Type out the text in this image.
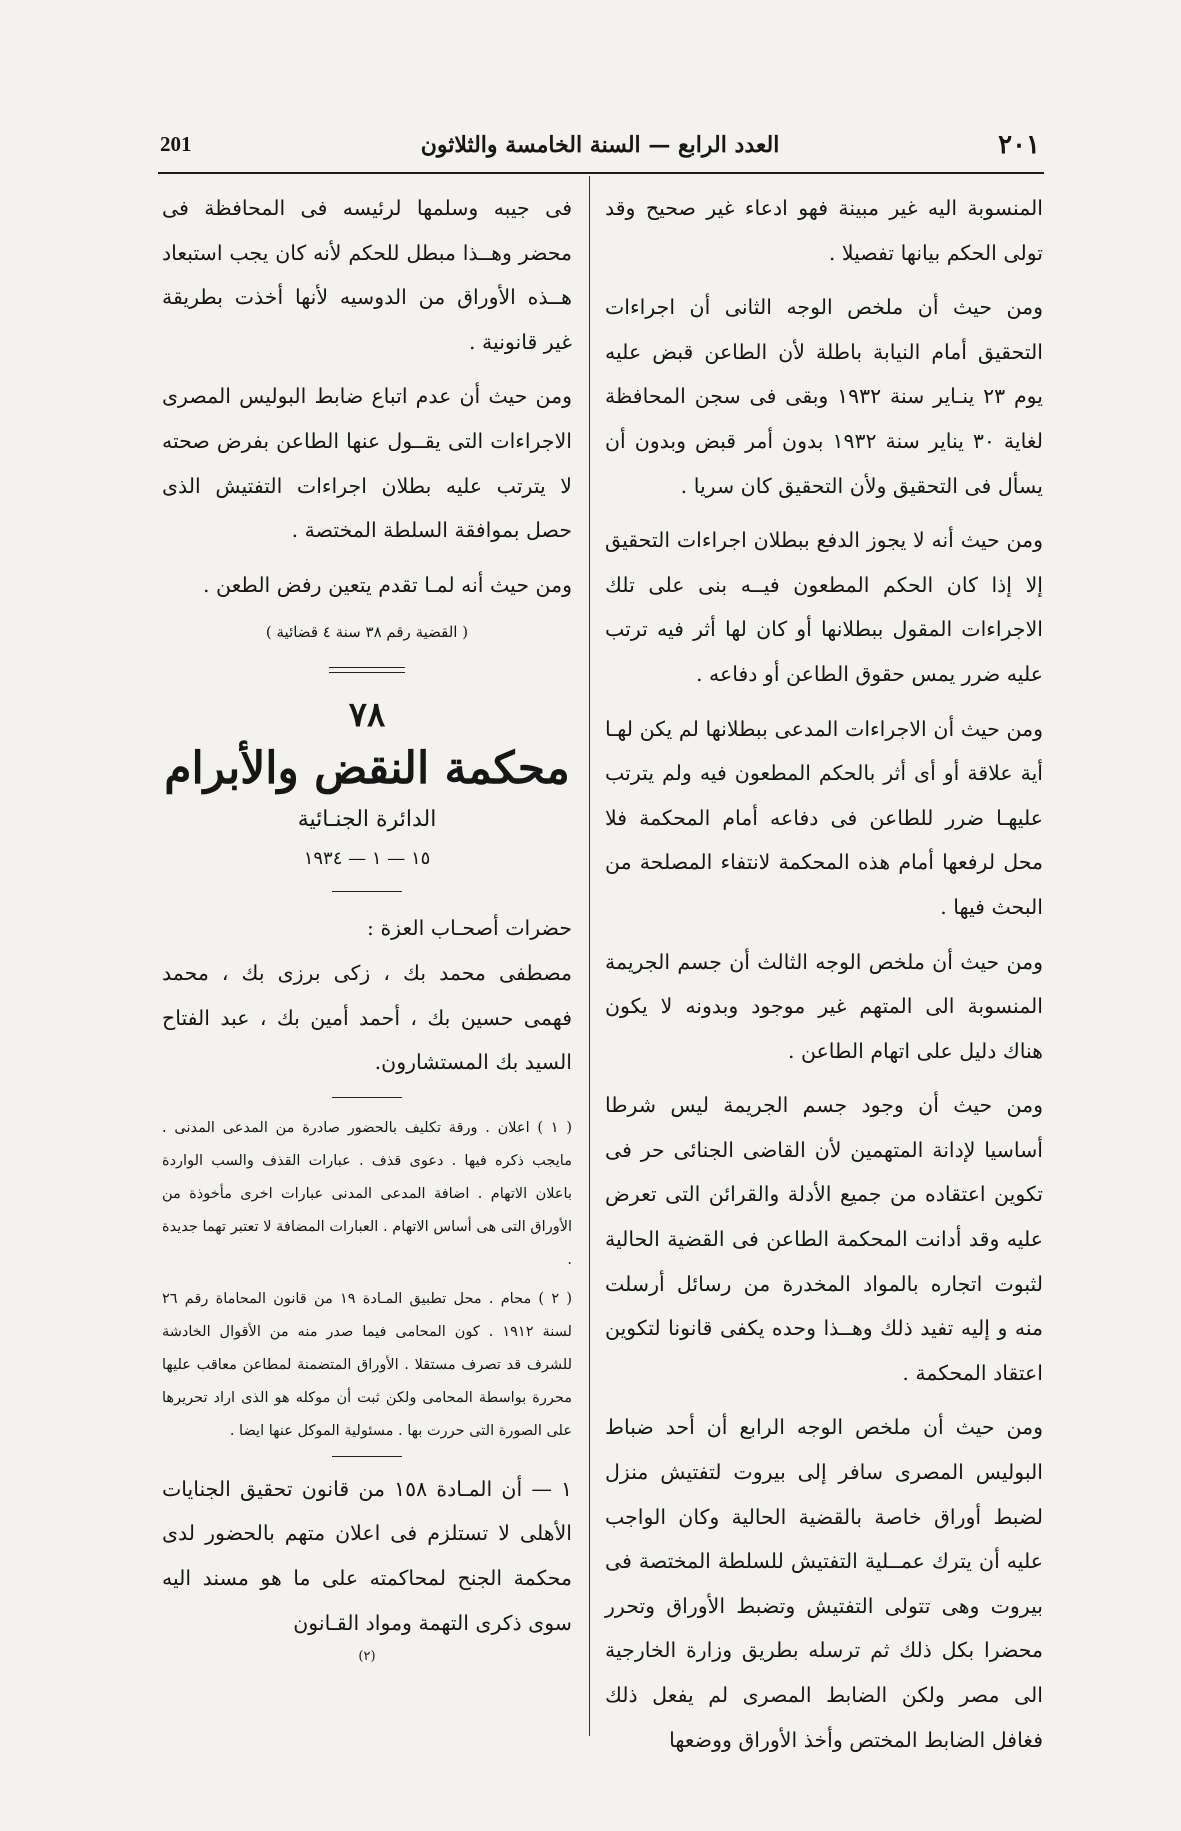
٢٠١
العدد الرابع — السنة الخامسة والثلاثون
201

المنسوبة اليه غير مبينة فهو ادعاء غير صحيح وقد تولى الحكم بيانها تفصيلا .

ومن حيث أن ملخص الوجه الثانى أن اجراءات التحقيق أمام النيابة باطلة لأن الطاعن قبض عليه يوم ٢٣ ينـاير سنة ١٩٣٢ وبقى فى سجن المحافظة لغاية ٣٠ يناير سنة ١٩٣٢ بدون أمر قبض وبدون أن يسأل فى التحقيق ولأن التحقيق كان سريا .

ومن حيث أنه لا يجوز الدفع ببطلان اجراءات التحقيق إلا إذا كان الحكم المطعون فيــه بنى على تلك الاجراءات المقول ببطلانها أو كان لها أثر فيه ترتب عليه ضرر يمس حقوق الطاعن أو دفاعه .

ومن حيث أن الاجراءات المدعى ببطلانها لم يكن لهـا أية علاقة أو أى أثر بالحكم المطعون فيه ولم يترتب عليهـا ضرر للطاعن فى دفاعه أمام المحكمة فلا محل لرفعها أمام هذه المحكمة لانتفاء المصلحة من البحث فيها .

ومن حيث أن ملخص الوجه الثالث أن جسم الجريمة المنسوبة الى المتهم غير موجود وبدونه لا يكون هناك دليل على اتهام الطاعن .

ومن حيث أن وجود جسم الجريمة ليس شرطا أساسيا لإدانة المتهمين لأن القاضى الجنائى حر فى تكوين اعتقاده من جميع الأدلة والقرائن التى تعرض عليه وقد أدانت المحكمة الطاعن فى القضية الحالية لثبوت اتجاره بالمواد المخدرة من رسائل أرسلت منه و إليه تفيد ذلك وهــذا وحده يكفى قانونا لتكوين اعتقاد المحكمة .

ومن حيث أن ملخص الوجه الرابع أن أحد ضباط البوليس المصرى سافر إلى بيروت لتفتيش منزل لضبط أوراق خاصة بالقضية الحالية وكان الواجب عليه أن يترك عمــلية التفتيش للسلطة المختصة فى بيروت وهى تتولى التفتيش وتضبط الأوراق وتحرر محضرا بكل ذلك ثم ترسله بطريق وزارة الخارجية الى مصر ولكن الضابط المصرى لم يفعل ذلك فغافل الضابط المختص وأخذ الأوراق ووضعها

فى جيبه وسلمها لرئيسه فى المحافظة فى محضر وهــذا مبطل للحكم لأنه كان يجب استبعاد هــذه الأوراق من الدوسيه لأنها أخذت بطريقة غير قانونية .

ومن حيث أن عدم اتباع ضابط البوليس المصرى الاجراءات التى يقــول عنها الطاعن بفرض صحته لا يترتب عليه بطلان اجراءات التفتيش الذى حصل بموافقة السلطة المختصة .

ومن حيث أنه لمـا تقدم يتعين رفض الطعن .

( القضية رقم ٣٨ سنة ٤ قضائية )
٧٨
محكمة النقض والأبرام
الدائرة الجنـائية
١٥ — ١ — ١٩٣٤

حضرات أصحـاب العزة :

مصطفى محمد بك ، زكى برزى بك ، محمد فهمى حسين بك ، أحمد أمين بك ، عبد الفتاح السيد بك المستشارون.

( ١ ) اعلان . ورقة تكليف بالحضور صادرة من المدعى المدنى . مايجب ذكره فيها . دعوى قذف . عبارات القذف والسب الواردة باعلان الاتهام . اضافة المدعى المدنى عبارات اخرى مأخوذة من الأوراق التى هى أساس الاتهام . العبارات المضافة لا تعتبر تهما جديدة .

( ٢ ) محام . محل تطبيق المـادة ١٩ من قانون المحاماة رقم ٢٦ لسنة ١٩١٢ . كون المحامى فيما صدر منه من الأقوال الخادشة للشرف قد تصرف مستقلا . الأوراق المتضمنة لمطاعن معاقب عليها محررة بواسطة المحامى ولكن ثبت أن موكله هو الذى اراد تحريرها على الصورة التى حررت بها . مسئولية الموكل عنها ايضا .

١ — أن المـادة ١٥٨ من قانون تحقيق الجنايات الأهلى لا تستلزم فى اعلان متهم بالحضور لدى محكمة الجنح لمحاكمته على ما هو مسند اليه سوى ذكرى التهمة ومواد القـانون

(٢)
